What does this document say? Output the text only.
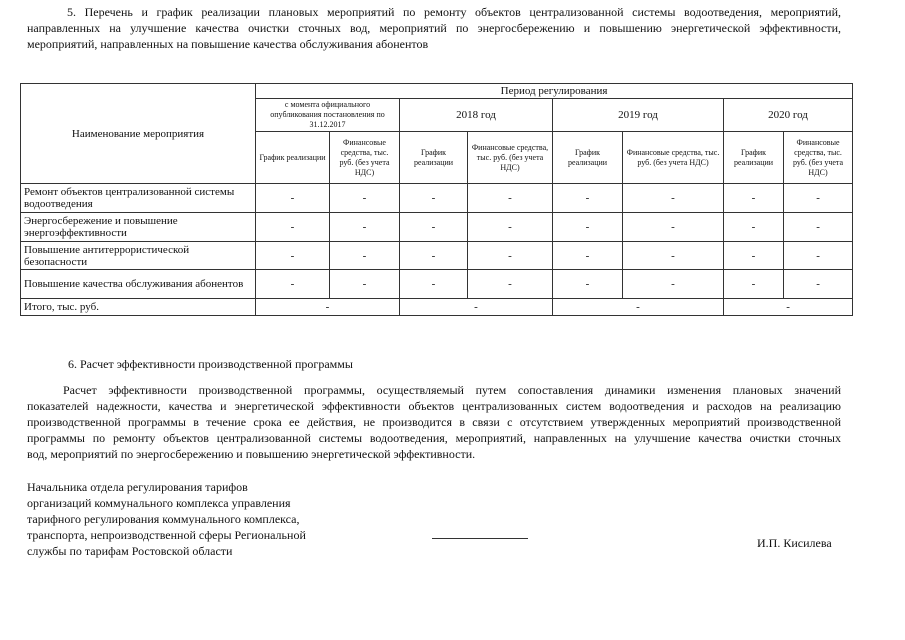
5. Перечень и график реализации плановых мероприятий по ремонту объектов централизованной системы водоотведения, мероприятий,
направленных на улучшение качества очистки сточных вод, мероприятий по энергосбережению и повышению энергетической эффективности,
мероприятий, направленных на повышение качества обслуживания абонентов
Наименование мероприятия	Период регулирования							
	с момента официального опубликования постановления по 31.12.2017		2018 год		2019 год		2020 год	
	График реализации	Финансовые средства, тыс. руб. (без учета НДС)	График реализации	Финансовые средства, тыс. руб. (без учета НДС)	График реализации	Финансовые средства, тыс. руб. (без учета НДС)	График реализации	Финансовые средства, тыс. руб. (без учета НДС)
Ремонт объектов централизованной системы водоотведения	-	-	-	-	-	-	-	-
Энергосбережение и повышение энергоэффективности	-	-	-	-	-	-	-	-
Повышение антитеррористической безопасности	-	-	-	-	-	-	-	-
Повышение качества обслуживания абонентов	-	-	-	-	-	-	-	-
Итого, тыс. руб.	-		-		-		-	
6. Расчет эффективности производственной программы
Расчет эффективности производственной программы, осуществляемый путем сопоставления динамики изменения плановых значений
показателей надежности, качества и энергетической эффективности объектов централизованных систем водоотведения и расходов на реализацию
производственной программы в течение срока ее действия, не производится в связи с отсутствием утвержденных мероприятий производственной
программы по ремонту объектов централизованной системы водоотведения, мероприятий, направленных на улучшение качества очистки сточных
вод, мероприятий по энергосбережению и повышению энергетической эффективности.
Начальника отдела регулирования тарифов
организаций коммунального комплекса управления
тарифного регулирования коммунального комплекса,
транспорта, непроизводственной сферы Региональной
службы по тарифам Ростовской области
И.П. Кисилева
